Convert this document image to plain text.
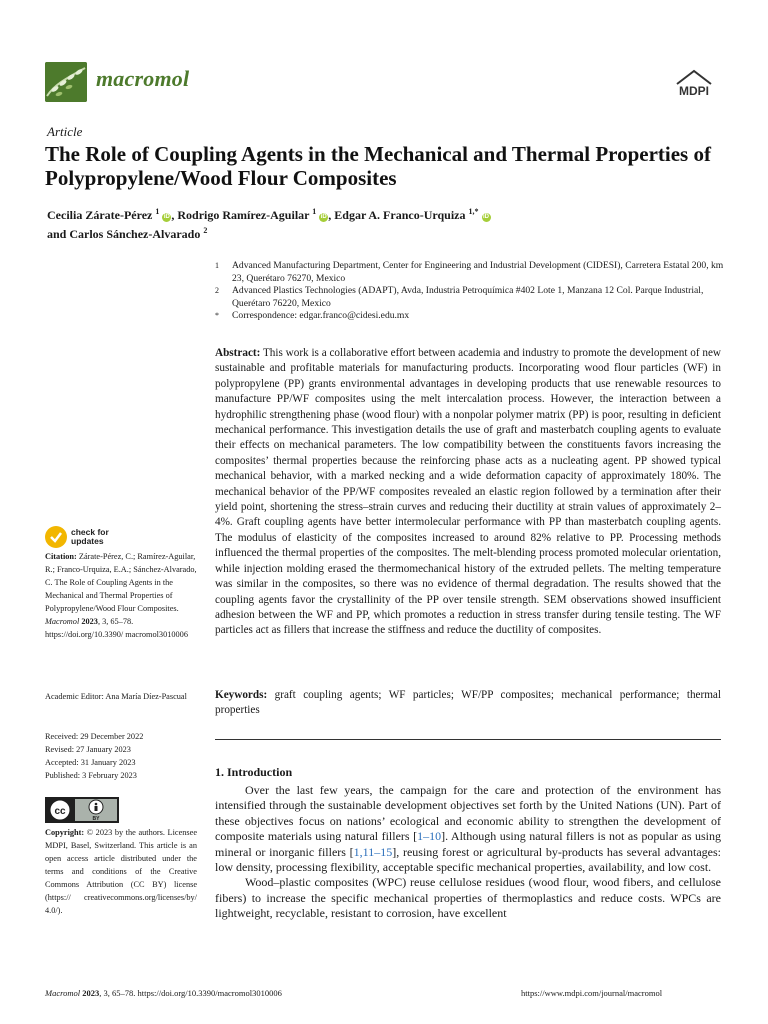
macromol	MDPI
Article
The Role of Coupling Agents in the Mechanical and Thermal Properties of Polypropylene/Wood Flour Composites
Cecilia Zárate-Pérez $^1$ iD , Rodrigo Ramírez-Aguilar $^1$ iD , Edgar A. Franco-Urquiza $^{1,*}$ iD
and Carlos Sánchez-Alvarado $^2$
1	Advanced Manufacturing Department, Center for Engineering and Industrial Development (CIDESI), Carretera Estatal 200, km 23, Querétaro 76270, Mexico
2	Advanced Plastics Technologies (ADAPT), Avda, Industria Petroquímica #402 Lote 1, Manzana 12 Col. Parque Industrial, Querétaro 76220, Mexico
*	Correspondence: edgar.franco@cidesi.edu.mx
Abstract: This work is a collaborative effort between academia and industry to promote the development of new sustainable and profitable materials for manufacturing products. Incorporating wood flour particles (WF) in polypropylene (PP) grants environmental advantages in developing products that use renewable resources to manufacture PP/WF composites using the melt intercalation process. However, the interaction between a hydrophilic strengthening phase (wood flour) with a nonpolar polymer matrix (PP) is poor, resulting in deficient mechanical performance. This investigation details the use of graft and masterbatch coupling agents to evaluate their effects on mechanical parameters. The low compatibility between the constituents favors increasing the composites’ thermal properties because the reinforcing phase acts as a nucleating agent. PP showed typical mechanical behavior, with a marked necking and a wide deformation capacity of approximately 180%. The mechanical behavior of the PP/WF composites revealed an elastic region followed by a termination after their yield point, shortening the stress–strain curves and reducing their ductility at strain values of approximately 2–4%. Graft coupling agents have better intermolecular performance with PP than masterbatch coupling agents. The modulus of elasticity of the composites increased to around 82% relative to PP. Processing methods influenced the thermal properties of the composites. The melt-blending process promoted molecular orientation, while injection molding erased the thermomechanical history of the extruded pellets. The melting temperature was similar in the composites, so there was no evidence of thermal degradation. The results showed that the coupling agents favor the crystallinity of the PP over tensile strength. SEM observations showed insufficient adhesion between the WF and PP, which promotes a reduction in stress transfer during tensile testing. The WF particles act as fillers that increase the stiffness and reduce the ductility of composites.
Keywords: graft coupling agents; WF particles; WF/PP composites; mechanical performance; thermal properties
1. Introduction

Over the last few years, the campaign for the care and protection of the environment has intensified through the sustainable development objectives set forth by the United Nations (UN). Part of these objectives focus on nations’ ecological and economic ability to strengthen the development of composite materials using natural fillers [1–10]. Although using natural fillers is not as popular as using mineral or inorganic fillers [1,11–15], reusing forest or agricultural by-products has several advantages: low density, processing flexibility, acceptable specific mechanical properties, availability, and low cost.

Wood–plastic composites (WPC) reuse cellulose residues (wood flour, wood fibers, and cellulose fibers) to increase the specific mechanical properties of thermoplastics and reduce costs. WPCs are lightweight, recyclable, resistant to corrosion, have excellent

check for
updates
Citation: Zárate-Pérez, C.; Ramírez-Aguilar, R.; Franco-Urquiza, E.A.; Sánchez-Alvarado, C. The Role of Coupling Agents in the Mechanical and Thermal Properties of Polypropylene/Wood Flour Composites. Macromol 2023, 3, 65–78. https://doi.org/10.3390/ macromol3010006
Academic Editor: Ana María Díez-Pascual
Received: 29 December 2022
Revised: 27 January 2023
Accepted: 31 January 2023
Published: 3 February 2023
cc
BY
Copyright: © 2023 by the authors. Licensee MDPI, Basel, Switzerland. This article is an open access article distributed under the terms and conditions of the Creative Commons Attribution (CC BY) license (https:// creativecommons.org/licenses/by/ 4.0/).
Macromol 2023, 3, 65–78. https://doi.org/10.3390/macromol3010006	https://www.mdpi.com/journal/macromol
